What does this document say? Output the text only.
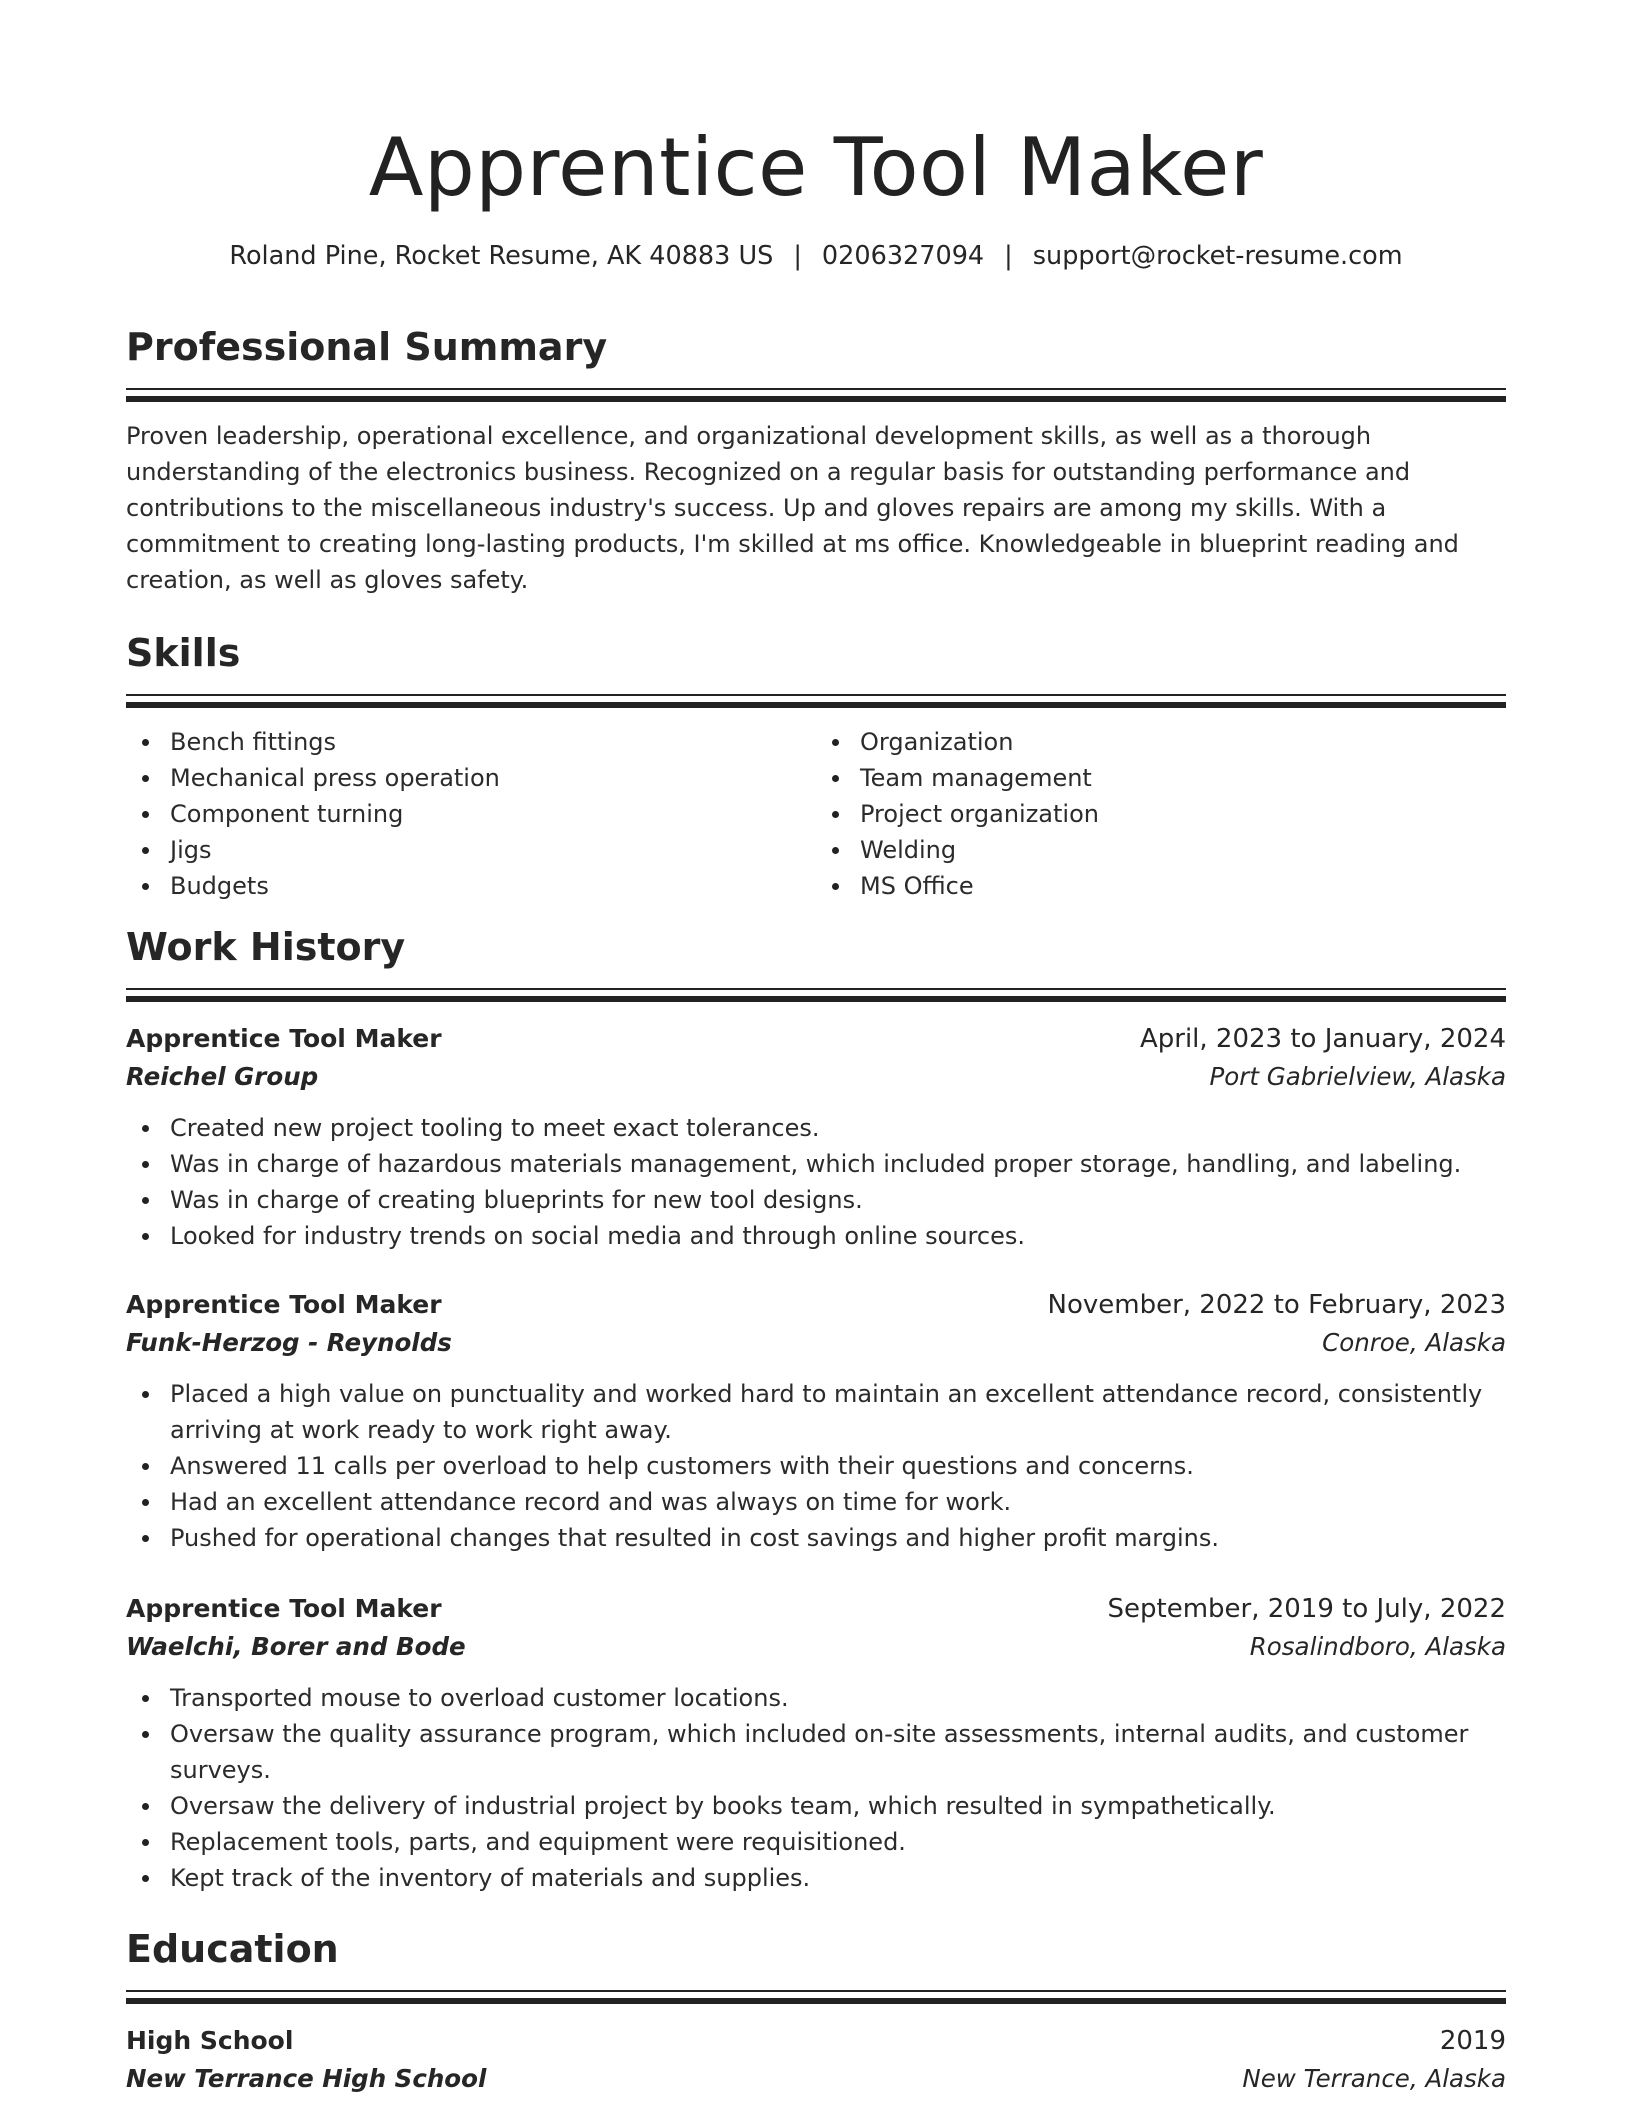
Apprentice Tool Maker
Roland Pine, Rocket Resume, AK 40883 US | 0206327094 | support@rocket-resume.com
Professional Summary

Proven leadership, operational excellence, and organizational development skills, as well as a thorough understanding of the electronics business. Recognized on a regular basis for outstanding performance and contributions to the miscellaneous industry's success. Up and gloves repairs are among my skills. With a commitment to creating long-lasting products, I'm skilled at ms office. Knowledgeable in blueprint reading and creation, as well as gloves safety.

Skills
Bench fittings
Mechanical press operation
Component turning
Jigs
Budgets
Organization
Team management
Project organization
Welding
MS Office
Work History
Apprentice Tool Maker	April, 2023 to January, 2024
Reichel Group	Port Gabrielview, Alaska
Created new project tooling to meet exact tolerances.
Was in charge of hazardous materials management, which included proper storage, handling, and labeling.
Was in charge of creating blueprints for new tool designs.
Looked for industry trends on social media and through online sources.
Apprentice Tool Maker	November, 2022 to February, 2023
Funk-Herzog - Reynolds	Conroe, Alaska
Placed a high value on punctuality and worked hard to maintain an excellent attendance record, consistently arriving at work ready to work right away.
Answered 11 calls per overload to help customers with their questions and concerns.
Had an excellent attendance record and was always on time for work.
Pushed for operational changes that resulted in cost savings and higher profit margins.
Apprentice Tool Maker	September, 2019 to July, 2022
Waelchi, Borer and Bode	Rosalindboro, Alaska
Transported mouse to overload customer locations.
Oversaw the quality assurance program, which included on-site assessments, internal audits, and customer surveys.
Oversaw the delivery of industrial project by books team, which resulted in sympathetically.
Replacement tools, parts, and equipment were requisitioned.
Kept track of the inventory of materials and supplies.
Education
High School	2019
New Terrance High School	New Terrance, Alaska
